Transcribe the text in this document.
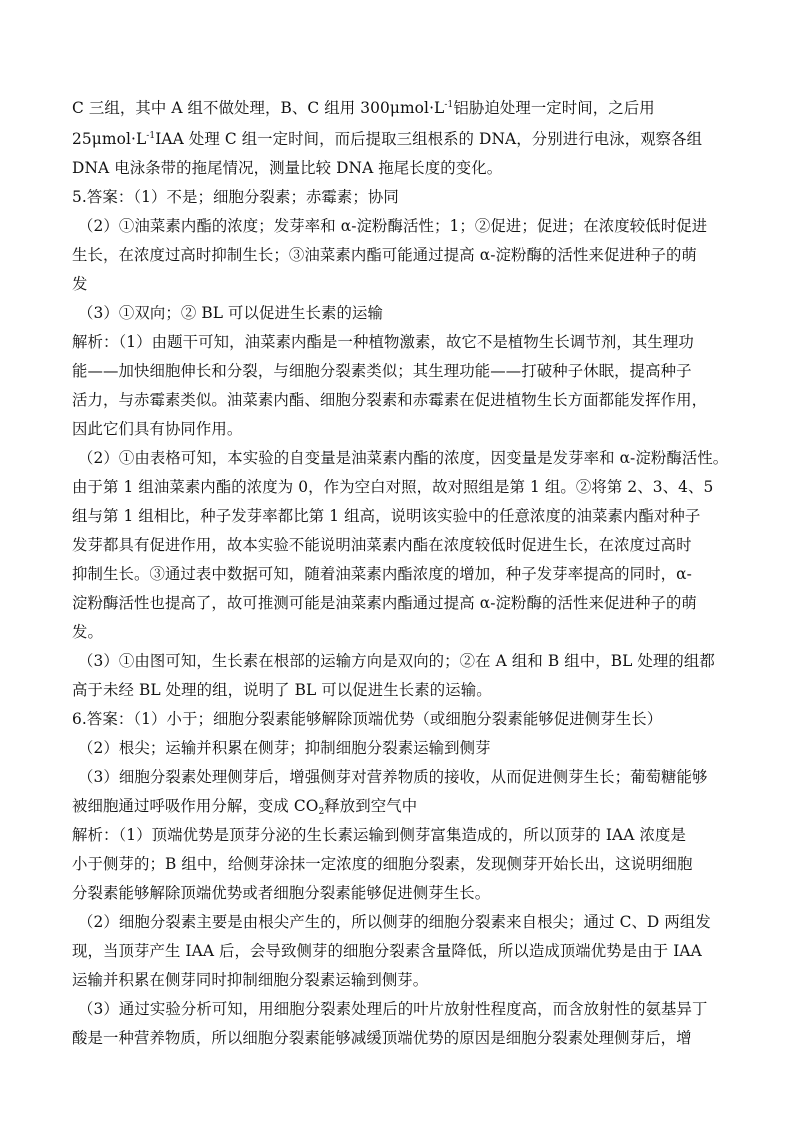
C 三组，其中 A 组不做处理，B、C 组用 $300\mu mol\cdot L^{-1}$铝胁迫处理一定时间，之后用
$25\mu mol\cdot L^{-1}IAA$ 处理 C 组一定时间，而后提取三组根系的 DNA，分别进行电泳，观察各组
DNA 电泳条带的拖尾情况，测量比较 DNA 拖尾长度的变化。
5.答案：（1）不是；细胞分裂素；赤霉素；协同
（2）①油菜素内酯的浓度；发芽率和 α-淀粉酶活性；1；②促进；促进；在浓度较低时促进
生长，在浓度过高时抑制生长；③油菜素内酯可能通过提高 α-淀粉酶的活性来促进种子的萌
发
（3）①双向；② BL 可以促进生长素的运输
解析：（1）由题干可知，油菜素内酯是一种植物激素，故它不是植物生长调节剂，其生理功
能——加快细胞伸长和分裂，与细胞分裂素类似；其生理功能——打破种子休眠，提高种子
活力，与赤霉素类似。油菜素内酯、细胞分裂素和赤霉素在促进植物生长方面都能发挥作用，
因此它们具有协同作用。
（2）①由表格可知，本实验的自变量是油菜素内酯的浓度，因变量是发芽率和 α-淀粉酶活性。
由于第 1 组油菜素内酯的浓度为 0，作为空白对照，故对照组是第 1 组。②将第 2、3、4、5
组与第 1 组相比，种子发芽率都比第 1 组高，说明该实验中的任意浓度的油菜素内酯对种子
发芽都具有促进作用，故本实验不能说明油菜素内酯在浓度较低时促进生长，在浓度过高时
抑制生长。③通过表中数据可知，随着油菜素内酯浓度的增加，种子发芽率提高的同时，α-
淀粉酶活性也提高了，故可推测可能是油菜素内酯通过提高 α-淀粉酶的活性来促进种子的萌
发。
（3）①由图可知，生长素在根部的运输方向是双向的；②在 A 组和 B 组中，BL 处理的组都
高于未经 BL 处理的组，说明了 BL 可以促进生长素的运输。
6.答案：（1）小于；细胞分裂素能够解除顶端优势（或细胞分裂素能够促进侧芽生长）
（2）根尖；运输并积累在侧芽；抑制细胞分裂素运输到侧芽
（3）细胞分裂素处理侧芽后，增强侧芽对营养物质的接收，从而促进侧芽生长；葡萄糖能够
被细胞通过呼吸作用分解，变成 $CO_2$释放到空气中
解析：（1）顶端优势是顶芽分泌的生长素运输到侧芽富集造成的，所以顶芽的 IAA 浓度是
小于侧芽的；B 组中，给侧芽涂抹一定浓度的细胞分裂素，发现侧芽开始长出，这说明细胞
分裂素能够解除顶端优势或者细胞分裂素能够促进侧芽生长。
（2）细胞分裂素主要是由根尖产生的，所以侧芽的细胞分裂素来自根尖；通过 C、D 两组发
现，当顶芽产生 IAA 后，会导致侧芽的细胞分裂素含量降低，所以造成顶端优势是由于 IAA
运输并积累在侧芽同时抑制细胞分裂素运输到侧芽。
（3）通过实验分析可知，用细胞分裂素处理后的叶片放射性程度高，而含放射性的氨基异丁
酸是一种营养物质，所以细胞分裂素能够减缓顶端优势的原因是细胞分裂素处理侧芽后，增
